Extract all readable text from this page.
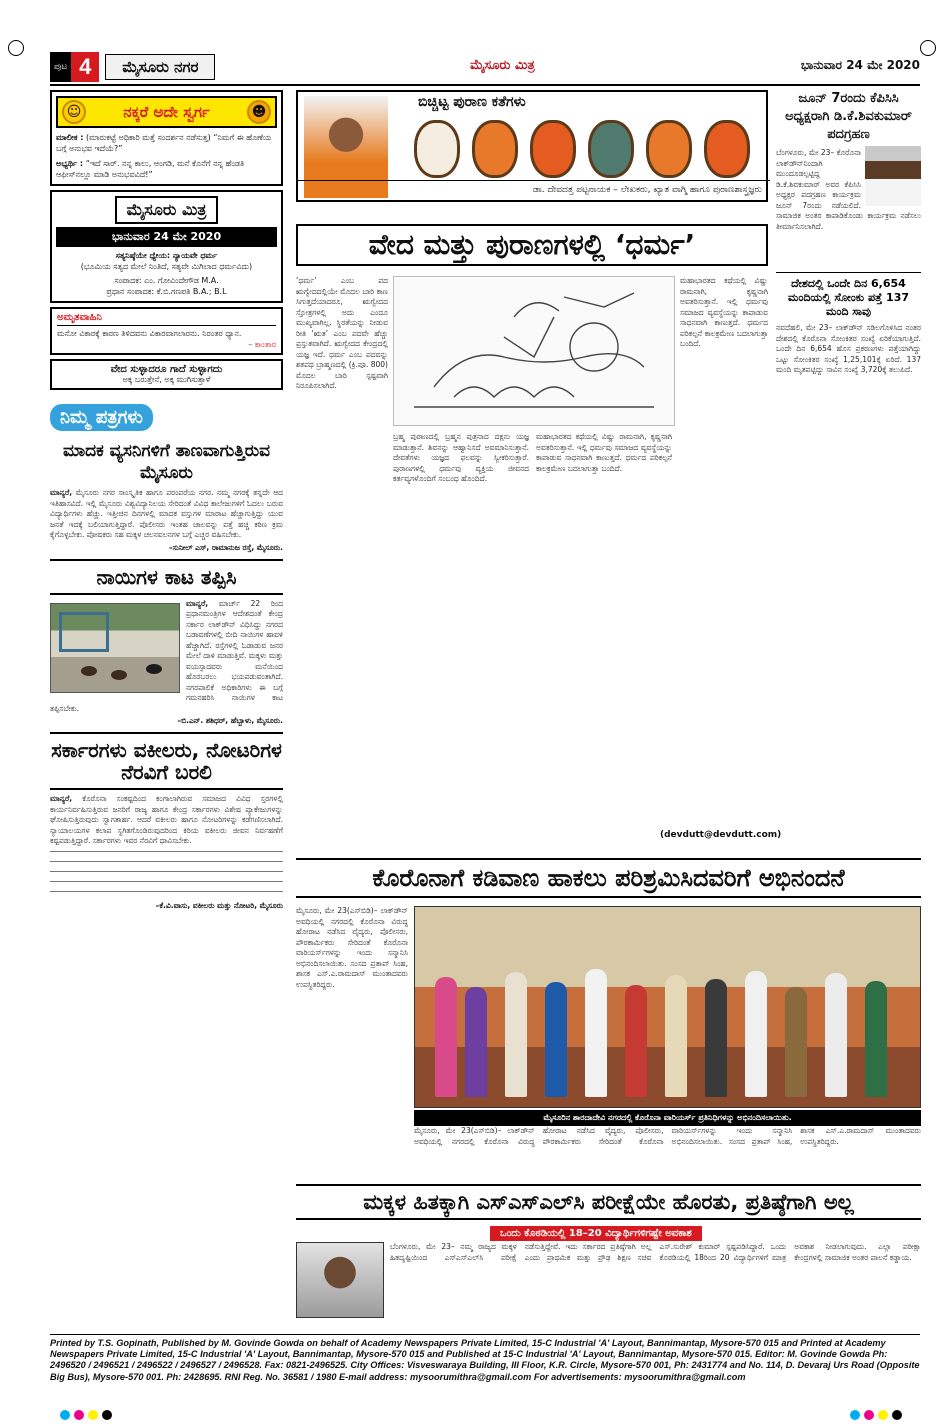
ಪುಟ 4	ಮೈಸೂರು ನಗರ	ಮೈಸೂರು ಮಿತ್ರ	ಭಾನುವಾರ 24 ಮೇ 2020
☺	ನಕ್ಕರೆ ಅದೇ ಸ್ವರ್ಗ	☻
ಮಾಲೀಕ : (ಮಾರುಕಟ್ಟೆ ಅಧಿಕಾರಿ ಮತ್ತೆ ಸಂದರ್ಶನ ನಡೆಸುತ್ತ) “ನಿಮಗೆ ಈ ಹೊಣೆಯ ಬಗ್ಗೆ ಅನುಭವ ಇದೆಯೆ?”
ಅಭ್ಯರ್ಥಿ : “ಇದೆ ಸಾರ್. ನನ್ನ ಕಾಲು, ಆಂಗಡಿ, ಮನೆ ಕೊನೆಗೆ ನನ್ನ ಹೆಂಡತಿ ಆಫೀಸ್‌ನಲ್ಲೂ ಮಾಡಿ ಅನುಭವವಿದೆ!”
ಮೈಸೂರು ಮಿತ್ರ
ಭಾನುವಾರ 24 ಮೇ 2020
ಸತ್ಯನಿಷ್ಠೆಯೇ ಧ್ಯೇಯ: ನ್ಯಾಯವೇ ಧರ್ಮ
(ಭೂಮಿಯ ಸತ್ಯದ ಮೇಲೆ ನಿಂತಿದೆ, ಸತ್ಯವೇ ಮಿಗಿಲಾದ ಧರ್ಮವಿದು)
ಸಂಪಾದಕ: ಎಂ. ಗೋವಿಂದೇಗೌಡ M.A.
ಪ್ರಧಾನ ಸಂಪಾದಕ: ಕೆ.ಬಿ.ಗಣಪತಿ B.A.; B.L
ಅಮೃತವಾಹಿನಿ
ಮನೋ ವಿಕಾರಕ್ಕೆ ಕಾರಣ ತಿಳಿದವನು ವಿಕಾರವಾಗಲಾರನು. ನಿರಂತರ ಧ್ಯಾನ.
– ಕಾಂತಾರ
ವೇದ ಸುಳ್ಳಾದರೂ ಗಾದೆ ಸುಳ್ಳಾಗದು
ಅಕ್ಕ ಬರುತ್ತೇನೆ, ಅಕ್ಕ ಮುಗಿಸುತ್ತಾಳೆ
ನಿಮ್ಮ ಪತ್ರಗಳು
ಮಾದಕ ವ್ಯಸನಿಗಳಿಗೆ ತಾಣವಾಗುತ್ತಿರುವ ಮೈಸೂರು
ಮಾನ್ಯರೆ, ಮೈಸೂರು ನಗರ ಸಾಂಸ್ಕೃತಿಕ ಹಾಗೂ ಪರಂಪರೆಯ ನಗರ. ನಮ್ಮ ನಗರಕ್ಕೆ ತನ್ನದೇ ಆದ ಇತಿಹಾಸವಿದೆ. ಇಲ್ಲಿ ಮೈಸೂರು ವಿಶ್ವವಿದ್ಯಾನಿಲಯ ಸೇರಿದಂತೆ ವಿವಿಧ ಕಾಲೇಜುಗಳಿಗೆ ಓದಲು ಬರುವ ವಿದ್ಯಾರ್ಥಿಗಳು ಹೆಚ್ಚು. ಇತ್ತೀಚಿನ ದಿನಗಳಲ್ಲಿ ಮಾದಕ ವಸ್ತುಗಳ ಮಾರಾಟ ಹೆಚ್ಚಾಗುತ್ತಿದ್ದು ಯುವ ಜನತೆ ಇದಕ್ಕೆ ಬಲಿಯಾಗುತ್ತಿದ್ದಾರೆ. ಪೊಲೀಸರು ಇಂತಹ ಜಾಲವನ್ನು ಪತ್ತೆ ಹಚ್ಚಿ ಕಠಿಣ ಕ್ರಮ ಕೈಗೊಳ್ಳಬೇಕು. ಪೋಷಕರು ಸಹ ಮಕ್ಕಳ ಚಲನವಲನಗಳ ಬಗ್ಗೆ ಎಚ್ಚರ ವಹಿಸಬೇಕು.
–ಸುನೀಲ್ ಎಸ್, ರಾಮಾನುಜ ರಸ್ತೆ, ಮೈಸೂರು.
ನಾಯಿಗಳ ಕಾಟ ತಪ್ಪಿಸಿ
ಮಾನ್ಯರೆ, ಮಾರ್ಚ್ 22 ರಿಂದ ಪ್ರಧಾನಮಂತ್ರಿಗಳ ಆದೇಶದಂತೆ ಕೇಂದ್ರ ಸರ್ಕಾರ ಲಾಕ್‌ಡೌನ್ ವಿಧಿಸಿದ್ದು ನಗರದ ಬಡಾವಣೆಗಳಲ್ಲಿ ಬೀದಿ ನಾಯಿಗಳ ಹಾವಳಿ ಹೆಚ್ಚಾಗಿದೆ. ರಸ್ತೆಗಳಲ್ಲಿ ಓಡಾಡುವ ಜನರ ಮೇಲೆ ದಾಳಿ ಮಾಡುತ್ತಿವೆ. ಮಕ್ಕಳು ಮತ್ತು ವಯಸ್ಸಾದವರು ಮನೆಯಿಂದ ಹೊರಬರಲು ಭಯಪಡುವಂತಾಗಿದೆ. ನಗರಪಾಲಿಕೆ ಅಧಿಕಾರಿಗಳು ಈ ಬಗ್ಗೆ ಗಮನಹರಿಸಿ ನಾಯಿಗಳ ಕಾಟ ತಪ್ಪಿಸಬೇಕು.
–ಬಿ.ಎನ್. ಶಶಿಧರ್, ಹೆಬ್ಬಾಳು, ಮೈಸೂರು.
ಸರ್ಕಾರಗಳು ವಕೀಲರು, ನೋಟರಿಗಳ ನೆರವಿಗೆ ಬರಲಿ
ಮಾನ್ಯರೆ, ಕೊರೊನಾ ಸಂಕಷ್ಟದಿಂದ ಕಂಗಾಲಾಗಿರುವ ಸಮಾಜದ ವಿವಿಧ ಸ್ತರಗಳಲ್ಲಿ ಕಾರ್ಯನಿರ್ವಹಿಸುತ್ತಿರುವ ಜನರಿಗೆ ರಾಜ್ಯ ಹಾಗೂ ಕೇಂದ್ರ ಸರ್ಕಾರಗಳು ವಿಶೇಷ ಪ್ಯಾಕೇಜುಗಳನ್ನು ಘೋಷಿಸುತ್ತಿರುವುದು ಸ್ವಾಗತಾರ್ಹ. ಆದರೆ ವಕೀಲರು ಹಾಗೂ ನೋಟರಿಗಳನ್ನು ಕಡೆಗಣಿಸಲಾಗಿದೆ. ನ್ಯಾಯಾಲಯಗಳ ಕಲಾಪ ಸ್ಥಗಿತಗೊಂಡಿರುವುದರಿಂದ ಕಿರಿಯ ವಕೀಲರು ಜೀವನ ನಿರ್ವಹಣೆಗೆ ಕಷ್ಟಪಡುತ್ತಿದ್ದಾರೆ. ಸರ್ಕಾರಗಳು ಇವರ ನೆರವಿಗೆ ಧಾವಿಸಬೇಕು.
–ಕೆ.ವಿ.ವಾಸು, ವಕೀಲರು ಮತ್ತು ನೋಟರಿ, ಮೈಸೂರು
ಬಿಚ್ಚಿಟ್ಟ ಪುರಾಣ ಕತೆಗಳು
ಡಾ. ದೇವದತ್ತ ಪಟ್ಟನಾಯಕ – ಲೇಖಕರು, ಖ್ಯಾತ ವಾಗ್ಮಿ ಹಾಗೂ ಪುರಾಣಶಾಸ್ತ್ರಜ್ಞರು
ವೇದ ಮತ್ತು ಪುರಾಣಗಳಲ್ಲಿ ‘ಧರ್ಮ’
‘ಧರ್ಮ’ ಎಂಬ ಪದ ಋಗ್ವೇದದಲ್ಲಿಯೇ ಮೊದಲ ಬಾರಿ ಕಾಣ ಸಿಗುತ್ತದೆಯಾದರೂ, ಋಗ್ವೇದದ ಸ್ತೋತ್ರಗಳಲ್ಲಿ ಅದು ಎಂದೂ ಮುಖ್ಯವಾಗಿಲ್ಲ. ಸ್ಥಿರತೆಯನ್ನು ನೀಡುವ ರೀತಿ ‘ಋತ’ ಎಂಬ ಪದವೇ ಹೆಚ್ಚು ಪ್ರಸ್ತುತವಾಗಿದೆ. ಋಗ್ವೇದದ ಕೇಂದ್ರದಲ್ಲಿ ಯಜ್ಞ ಇದೆ. ಧರ್ಮ ಎಂಬ ಪದವನ್ನು ಶತಪಥ ಬ್ರಾಹ್ಮಣದಲ್ಲಿ (ಕ್ರಿ.ಪೂ. 800) ಮೊದಲ ಬಾರಿ ಸ್ಪಷ್ಟವಾಗಿ ನಿರೂಪಿಸಲಾಗಿದೆ.
ಬ್ರಹ್ಮ ಪುರಾಣದಲ್ಲಿ ಬ್ರಹ್ಮನ ಪುತ್ರನಾದ ದಕ್ಷನು ಯಜ್ಞ ಮಾಡುತ್ತಾನೆ. ಶಿವನನ್ನು ಆಹ್ವಾನಿಸದೆ ಅವಮಾನಿಸುತ್ತಾನೆ. ದೇವತೆಗಳು ಯಜ್ಞದ ಫಲವನ್ನು ಸ್ವೀಕರಿಸುತ್ತಾರೆ. ಪುರಾಣಗಳಲ್ಲಿ ಧರ್ಮವು ವ್ಯಕ್ತಿಯ ಜೀವನದ ಕರ್ತವ್ಯಗಳೊಂದಿಗೆ ಸಂಬಂಧ ಹೊಂದಿದೆ.
ಮಹಾಭಾರತದ ಕಥೆಯಲ್ಲಿ ವಿಷ್ಣು ರಾಮನಾಗಿ, ಕೃಷ್ಣನಾಗಿ ಅವತರಿಸುತ್ತಾನೆ. ಇಲ್ಲಿ ಧರ್ಮವು ಸಮಾಜದ ವ್ಯವಸ್ಥೆಯನ್ನು ಕಾಪಾಡುವ ಸಾಧನವಾಗಿ ಕಾಣುತ್ತದೆ. ಧರ್ಮದ ಪರಿಕಲ್ಪನೆ ಕಾಲಕ್ರಮೇಣ ಬದಲಾಗುತ್ತಾ ಬಂದಿದೆ.
ಮಹಾಭಾರತದ ಕಥೆಯಲ್ಲಿ ವಿಷ್ಣು ರಾಮನಾಗಿ, ಕೃಷ್ಣನಾಗಿ ಅವತರಿಸುತ್ತಾನೆ. ಇಲ್ಲಿ ಧರ್ಮವು ಸಮಾಜದ ವ್ಯವಸ್ಥೆಯನ್ನು ಕಾಪಾಡುವ ಸಾಧನವಾಗಿ ಕಾಣುತ್ತದೆ. ಧರ್ಮದ ಪರಿಕಲ್ಪನೆ ಕಾಲಕ್ರಮೇಣ ಬದಲಾಗುತ್ತಾ ಬಂದಿದೆ.
(devdutt@devdutt.com)
ಜೂನ್ 7ರಂದು ಕೆಪಿಸಿಸಿ ಅಧ್ಯಕ್ಷರಾಗಿ ಡಿ.ಕೆ.ಶಿವಕುಮಾರ್ ಪದಗ್ರಹಣ
ಬೆಂಗಳೂರು, ಮೇ 23– ಕೊರೊನಾ ಲಾಕ್‌ಡೌನ್‌ನಿಂದಾಗಿ ಮುಂದೂಡಲ್ಪಟ್ಟಿದ್ದ ಡಿ.ಕೆ.ಶಿವಕುಮಾರ್ ಅವರ ಕೆಪಿಸಿಸಿ ಅಧ್ಯಕ್ಷರ ಪದಗ್ರಹಣ ಕಾರ್ಯಕ್ರಮ ಜೂನ್ 7ರಂದು ನಡೆಯಲಿದೆ. ಸಾಮಾಜಿಕ ಅಂತರ ಕಾಪಾಡಿಕೊಂಡು ಕಾರ್ಯಕ್ರಮ ನಡೆಸಲು ತೀರ್ಮಾನಿಸಲಾಗಿದೆ.
ದೇಶದಲ್ಲಿ ಒಂದೇ ದಿನ 6,654 ಮಂದಿಯಲ್ಲಿ ಸೋಂಕು ಪತ್ತೆ 137 ಮಂದಿ ಸಾವು
ನವದೆಹಲಿ, ಮೇ 23– ಲಾಕ್‌ಡೌನ್ ಸಡಿಲಗೊಳಿಸಿದ ನಂತರ ದೇಶದಲ್ಲಿ ಕೊರೊನಾ ಸೋಂಕಿತರ ಸಂಖ್ಯೆ ಏರಿಕೆಯಾಗುತ್ತಿದೆ. ಒಂದೇ ದಿನ 6,654 ಹೊಸ ಪ್ರಕರಣಗಳು ಪತ್ತೆಯಾಗಿದ್ದು ಒಟ್ಟು ಸೋಂಕಿತರ ಸಂಖ್ಯೆ 1,25,101ಕ್ಕೆ ಏರಿದೆ. 137 ಮಂದಿ ಮೃತಪಟ್ಟಿದ್ದು ಸಾವಿನ ಸಂಖ್ಯೆ 3,720ಕ್ಕೆ ತಲುಪಿದೆ.
ಕೊರೊನಾಗೆ ಕಡಿವಾಣ ಹಾಕಲು ಪರಿಶ್ರಮಿಸಿದವರಿಗೆ ಅಭಿನಂದನೆ
ಮೈಸೂರು, ಮೇ 23(ಎಸ್‌ಬಿಡಿ)– ಲಾಕ್‌ಡೌನ್ ಅವಧಿಯಲ್ಲಿ ನಗರದಲ್ಲಿ ಕೊರೊನಾ ವಿರುದ್ಧ ಹೋರಾಟ ನಡೆಸಿದ ವೈದ್ಯರು, ಪೊಲೀಸರು, ಪೌರಕಾರ್ಮಿಕರು ಸೇರಿದಂತೆ ಕೊರೊನಾ ವಾರಿಯರ್ಸ್‌ಗಳನ್ನು ಇಂದು ಸನ್ಮಾನಿಸಿ ಅಭಿನಂದಿಸಲಾಯಿತು. ಸಂಸದ ಪ್ರತಾಪ್ ಸಿಂಹ, ಶಾಸಕ ಎಸ್.ಎ.ರಾಮದಾಸ್ ಮುಂತಾದವರು ಉಪಸ್ಥಿತರಿದ್ದರು.
ಮೈಸೂರಿನ ಶಾರದಾದೇವಿ ನಗರದಲ್ಲಿ ಕೊರೊನಾ ವಾರಿಯರ್ಸ್ ಪ್ರತಿನಿಧಿಗಳನ್ನು ಅಭಿನಂದಿಸಲಾಯಿತು.
ಮೈಸೂರು, ಮೇ 23(ಎಸ್‌ಬಿಡಿ)– ಲಾಕ್‌ಡೌನ್ ಅವಧಿಯಲ್ಲಿ ನಗರದಲ್ಲಿ ಕೊರೊನಾ ವಿರುದ್ಧ ಹೋರಾಟ ನಡೆಸಿದ ವೈದ್ಯರು, ಪೊಲೀಸರು, ಪೌರಕಾರ್ಮಿಕರು ಸೇರಿದಂತೆ ಕೊರೊನಾ ವಾರಿಯರ್ಸ್‌ಗಳನ್ನು ಇಂದು ಸನ್ಮಾನಿಸಿ ಅಭಿನಂದಿಸಲಾಯಿತು. ಸಂಸದ ಪ್ರತಾಪ್ ಸಿಂಹ, ಶಾಸಕ ಎಸ್.ಎ.ರಾಮದಾಸ್ ಮುಂತಾದವರು ಉಪಸ್ಥಿತರಿದ್ದರು.
ಮಕ್ಕಳ ಹಿತಕ್ಕಾಗಿ ಎಸ್‌ಎಸ್‌ಎಲ್‌ಸಿ ಪರೀಕ್ಷೆಯೇ ಹೊರತು, ಪ್ರತಿಷ್ಠೆಗಾಗಿ ಅಲ್ಲ
ಒಂದು ಕೊಠಡಿಯಲ್ಲಿ 18–20 ವಿದ್ಯಾರ್ಥಿಗಳಿಗಷ್ಟೇ ಅವಕಾಶ
ಬೆಂಗಳೂರು, ಮೇ 23– ನಮ್ಮ ರಾಜ್ಯದ ಮಕ್ಕಳ ಹಿತದೃಷ್ಟಿಯಿಂದ ಎಸ್‌ಎಸ್‌ಎಲ್‌ಸಿ ಪರೀಕ್ಷೆ ನಡೆಸುತ್ತಿದ್ದೇವೆ. ಇದು ಸರ್ಕಾರದ ಪ್ರತಿಷ್ಠೆಗಾಗಿ ಅಲ್ಲ ಎಂದು ಪ್ರಾಥಮಿಕ ಮತ್ತು ಪ್ರೌಢ ಶಿಕ್ಷಣ ಸಚಿವ ಎಸ್.ಸುರೇಶ್ ಕುಮಾರ್ ಸ್ಪಷ್ಟಪಡಿಸಿದ್ದಾರೆ. ಒಂದು ಕೊಠಡಿಯಲ್ಲಿ 18ರಿಂದ 20 ವಿದ್ಯಾರ್ಥಿಗಳಿಗೆ ಮಾತ್ರ ಅವಕಾಶ ನೀಡಲಾಗುವುದು. ಎಲ್ಲಾ ಪರೀಕ್ಷಾ ಕೇಂದ್ರಗಳಲ್ಲಿ ಸಾಮಾಜಿಕ ಅಂತರ ಪಾಲನೆ ಕಡ್ಡಾಯ.
Printed by T.S. Gopinath, Published by M. Govinde Gowda on behalf of Academy Newspapers Private Limited, 15-C Industrial 'A' Layout, Bannimantap, Mysore-570 015 and Printed at Academy Newspapers Private Limited, 15-C Industrial 'A' Layout, Bannimantap, Mysore-570 015 and Published at 15-C Industrial 'A' Layout, Bannimantap, Mysore-570 015. Editor: M. Govinde Gowda Ph: 2496520 / 2496521 / 2496522 / 2496527 / 2496528. Fax: 0821-2496525. City Offices: Visveswaraya Building, III Floor, K.R. Circle, Mysore-570 001, Ph: 2431774 and No. 114, D. Devaraj Urs Road (Opposite Big Bus), Mysore-570 001. Ph: 2428695. RNI Reg. No. 36581 / 1980 E-mail address: mysoorumithra@gmail.com For advertisements: mysoorumithra@gmail.com
